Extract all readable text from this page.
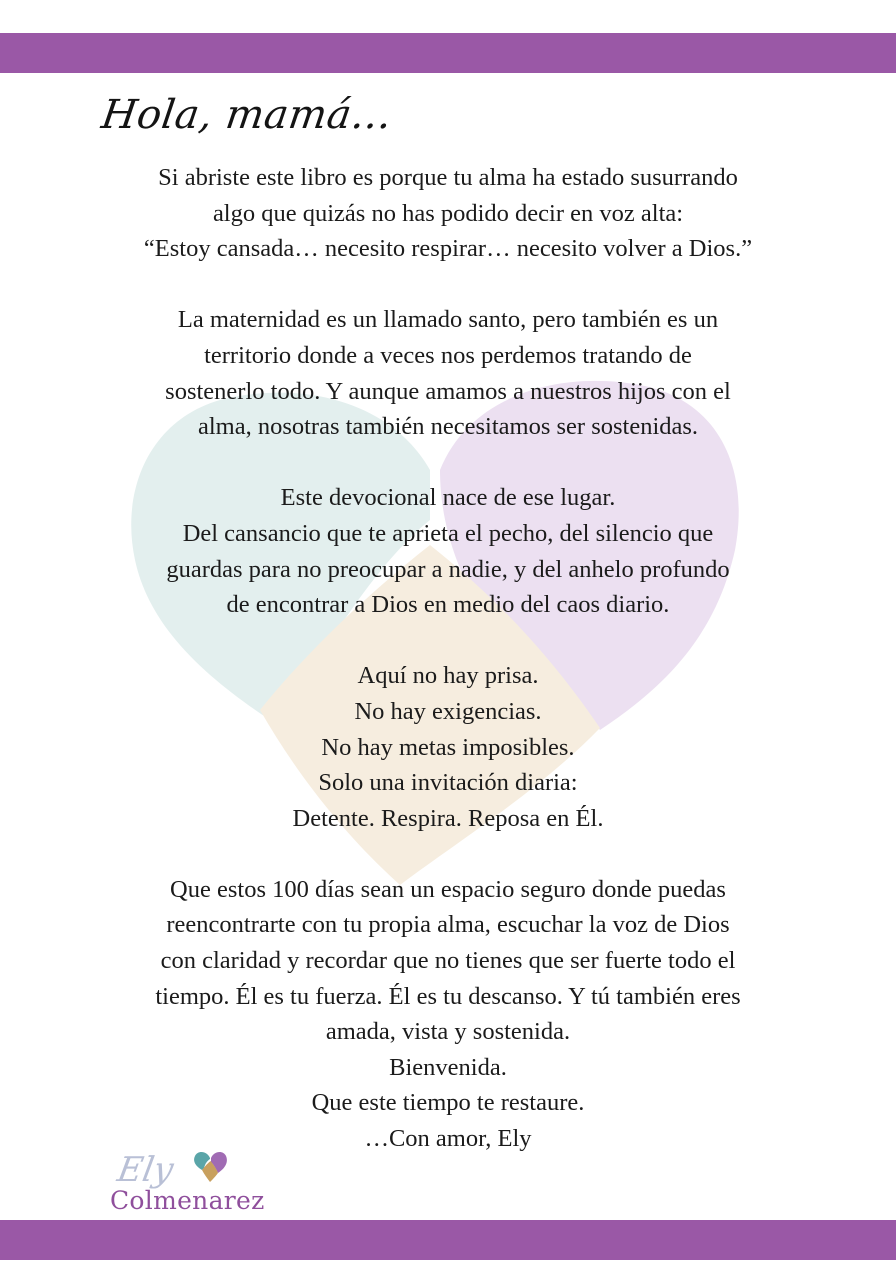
Hola, mamá…

Si abriste este libro es porque tu alma ha estado susurrando
algo que quizás no has podido decir en voz alta:
“Estoy cansada… necesito respirar… necesito volver a Dios.”

La maternidad es un llamado santo, pero también es un
territorio donde a veces nos perdemos tratando de
sostenerlo todo. Y aunque amamos a nuestros hijos con el
alma, nosotras también necesitamos ser sostenidas.

Este devocional nace de ese lugar.
Del cansancio que te aprieta el pecho, del silencio que
guardas para no preocupar a nadie, y del anhelo profundo
de encontrar a Dios en medio del caos diario.

Aquí no hay prisa.
No hay exigencias.
No hay metas imposibles.
Solo una invitación diaria:
Detente. Respira. Reposa en Él.

Que estos 100 días sean un espacio seguro donde puedas
reencontrarte con tu propia alma, escuchar la voz de Dios
con claridad y recordar que no tienes que ser fuerte todo el
tiempo. Él es tu fuerza. Él es tu descanso. Y tú también eres
amada, vista y sostenida.
Bienvenida.
Que este tiempo te restaure.
…Con amor, Ely

Ely
Colmenarez
